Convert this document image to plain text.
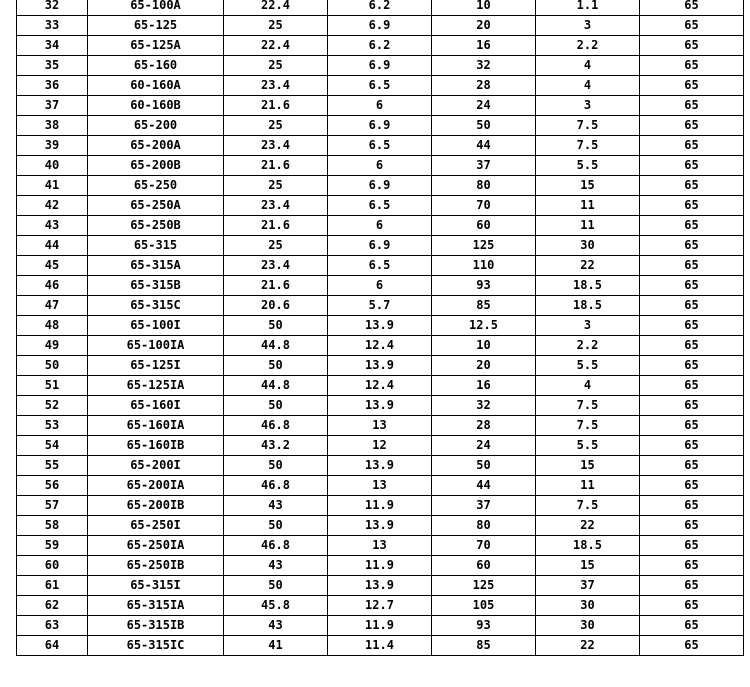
32	65-100A	22.4	6.2	10	1.1	65
33	65-125	25	6.9	20	3	65
34	65-125A	22.4	6.2	16	2.2	65
35	65-160	25	6.9	32	4	65
36	60-160A	23.4	6.5	28	4	65
37	60-160B	21.6	6	24	3	65
38	65-200	25	6.9	50	7.5	65
39	65-200A	23.4	6.5	44	7.5	65
40	65-200B	21.6	6	37	5.5	65
41	65-250	25	6.9	80	15	65
42	65-250A	23.4	6.5	70	11	65
43	65-250B	21.6	6	60	11	65
44	65-315	25	6.9	125	30	65
45	65-315A	23.4	6.5	110	22	65
46	65-315B	21.6	6	93	18.5	65
47	65-315C	20.6	5.7	85	18.5	65
48	65-100I	50	13.9	12.5	3	65
49	65-100IA	44.8	12.4	10	2.2	65
50	65-125I	50	13.9	20	5.5	65
51	65-125IA	44.8	12.4	16	4	65
52	65-160I	50	13.9	32	7.5	65
53	65-160IA	46.8	13	28	7.5	65
54	65-160IB	43.2	12	24	5.5	65
55	65-200I	50	13.9	50	15	65
56	65-200IA	46.8	13	44	11	65
57	65-200IB	43	11.9	37	7.5	65
58	65-250I	50	13.9	80	22	65
59	65-250IA	46.8	13	70	18.5	65
60	65-250IB	43	11.9	60	15	65
61	65-315I	50	13.9	125	37	65
62	65-315IA	45.8	12.7	105	30	65
63	65-315IB	43	11.9	93	30	65
64	65-315IC	41	11.4	85	22	65
